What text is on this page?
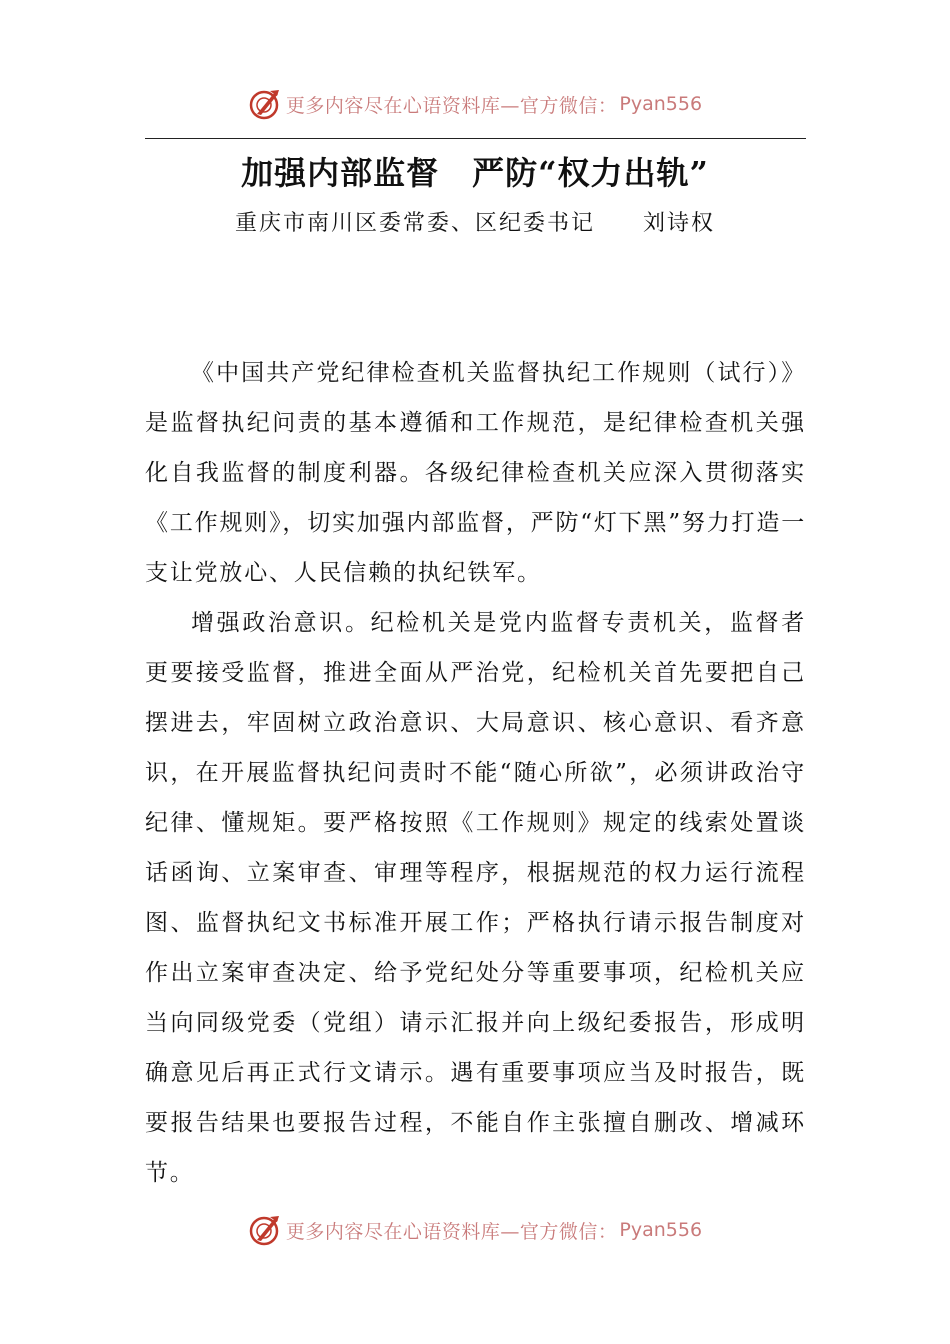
更多内容尽在心语资料库—官方微信： Pyan556
加强内部监督　严防“权力出轨”
重庆市南川区委常委、区纪委书记　　刘诗权

《中国共产党纪律检查机关监督执纪工作规则（试行）》是监督执纪问责的基本遵循和工作规范，是纪律检查机关强化自我监督的制度利器。各级纪律检查机关应深入贯彻落实《工作规则》，切实加强内部监督，严防“灯下黑”努力打造一支让党放心、人民信赖的执纪铁军。

增强政治意识。纪检机关是党内监督专责机关，监督者更要接受监督，推进全面从严治党，纪检机关首先要把自己摆进去，牢固树立政治意识、大局意识、核心意识、看齐意识，在开展监督执纪问责时不能“随心所欲”，必须讲政治守纪律、懂规矩。要严格按照《工作规则》规定的线索处置谈话函询、立案审查、审理等程序，根据规范的权力运行流程图、监督执纪文书标准开展工作；严格执行请示报告制度对作出立案审查决定、给予党纪处分等重要事项，纪检机关应当向同级党委（党组）请示汇报并向上级纪委报告，形成明确意见后再正式行文请示。遇有重要事项应当及时报告，既要报告结果也要报告过程，不能自作主张擅自删改、增减环节。

更多内容尽在心语资料库—官方微信： Pyan556
